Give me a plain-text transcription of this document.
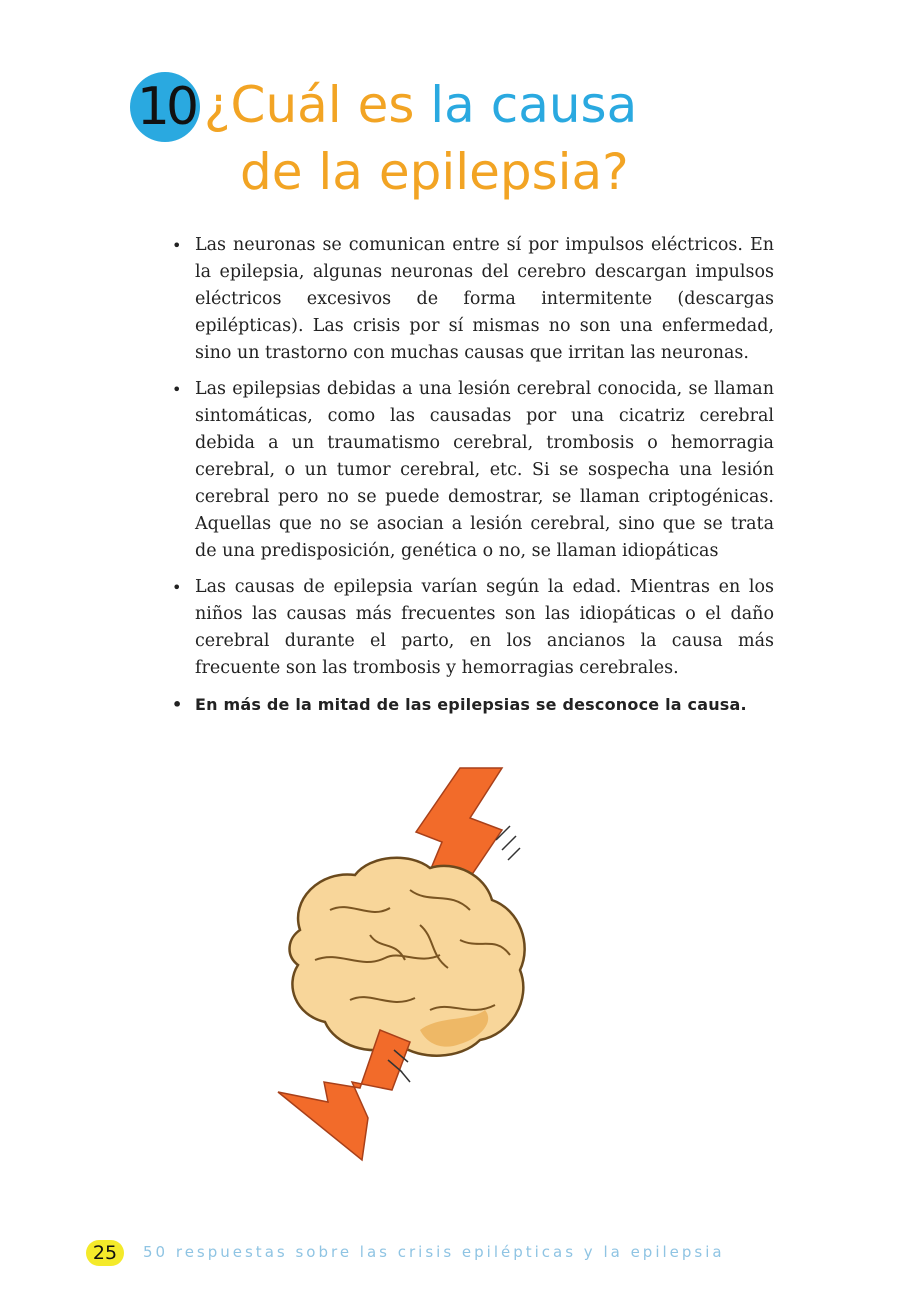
10 ¿Cuál es la causa
de la epilepsia?
• Las neuronas se comunican entre sí por impulsos eléctricos. En la epilepsia, algunas neuronas del cerebro descargan impulsos eléctricos excesivos de forma intermitente (descargas epilépticas). Las crisis por sí mismas no son una enfermedad, sino un trastorno con muchas causas que irritan las neuronas.
• Las epilepsias debidas a una lesión cerebral conocida, se llaman sintomáticas, como las causadas por una cicatriz cerebral debida a un traumatismo cerebral, trombosis o hemorragia cerebral, o un tumor cerebral, etc. Si se sospecha una lesión cerebral pero no se puede demostrar, se llaman criptogénicas. Aquellas que no se asocian a lesión cerebral, sino que se trata de una predisposición, genética o no, se llaman idiopáticas
• Las causas de epilepsia varían según la edad. Mientras en los niños las causas más frecuentes son las idiopáticas o el daño cerebral durante el parto, en los ancianos la causa más frecuente son las trombosis y hemorragias cerebrales.
• En más de la mitad de las epilepsias se desconoce la causa.
25	50 respuestas sobre las crisis epilépticas y la epilepsia
